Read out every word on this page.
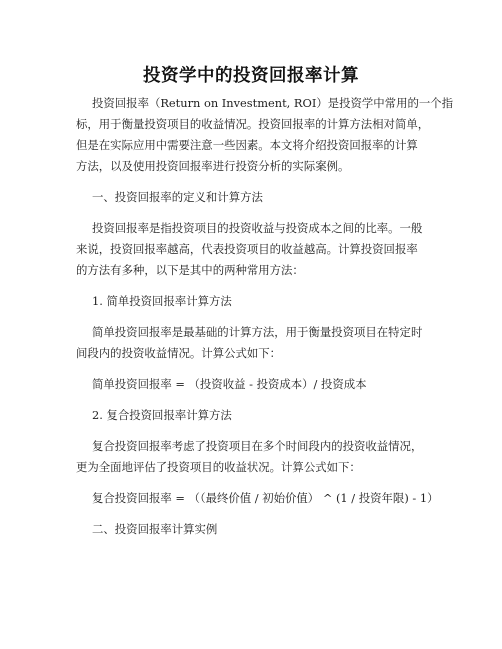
投资学中的投资回报率计算
投资回报率（Return on Investment, ROI）是投资学中常用的一个指
标，用于衡量投资项目的收益情况。投资回报率的计算方法相对简单，
但是在实际应用中需要注意一些因素。本文将介绍投资回报率的计算
方法，以及使用投资回报率进行投资分析的实际案例。
一、投资回报率的定义和计算方法
投资回报率是指投资项目的投资收益与投资成本之间的比率。一般
来说，投资回报率越高，代表投资项目的收益越高。计算投资回报率
的方法有多种，以下是其中的两种常用方法：
1. 简单投资回报率计算方法
简单投资回报率是最基础的计算方法，用于衡量投资项目在特定时
间段内的投资收益情况。计算公式如下：
简单投资回报率 = （投资收益 - 投资成本）/ 投资成本
2. 复合投资回报率计算方法
复合投资回报率考虑了投资项目在多个时间段内的投资收益情况，
更为全面地评估了投资项目的收益状况。计算公式如下：
复合投资回报率 = （（最终价值 / 初始价值） ^ (1 / 投资年限) - 1）
二、投资回报率计算实例
